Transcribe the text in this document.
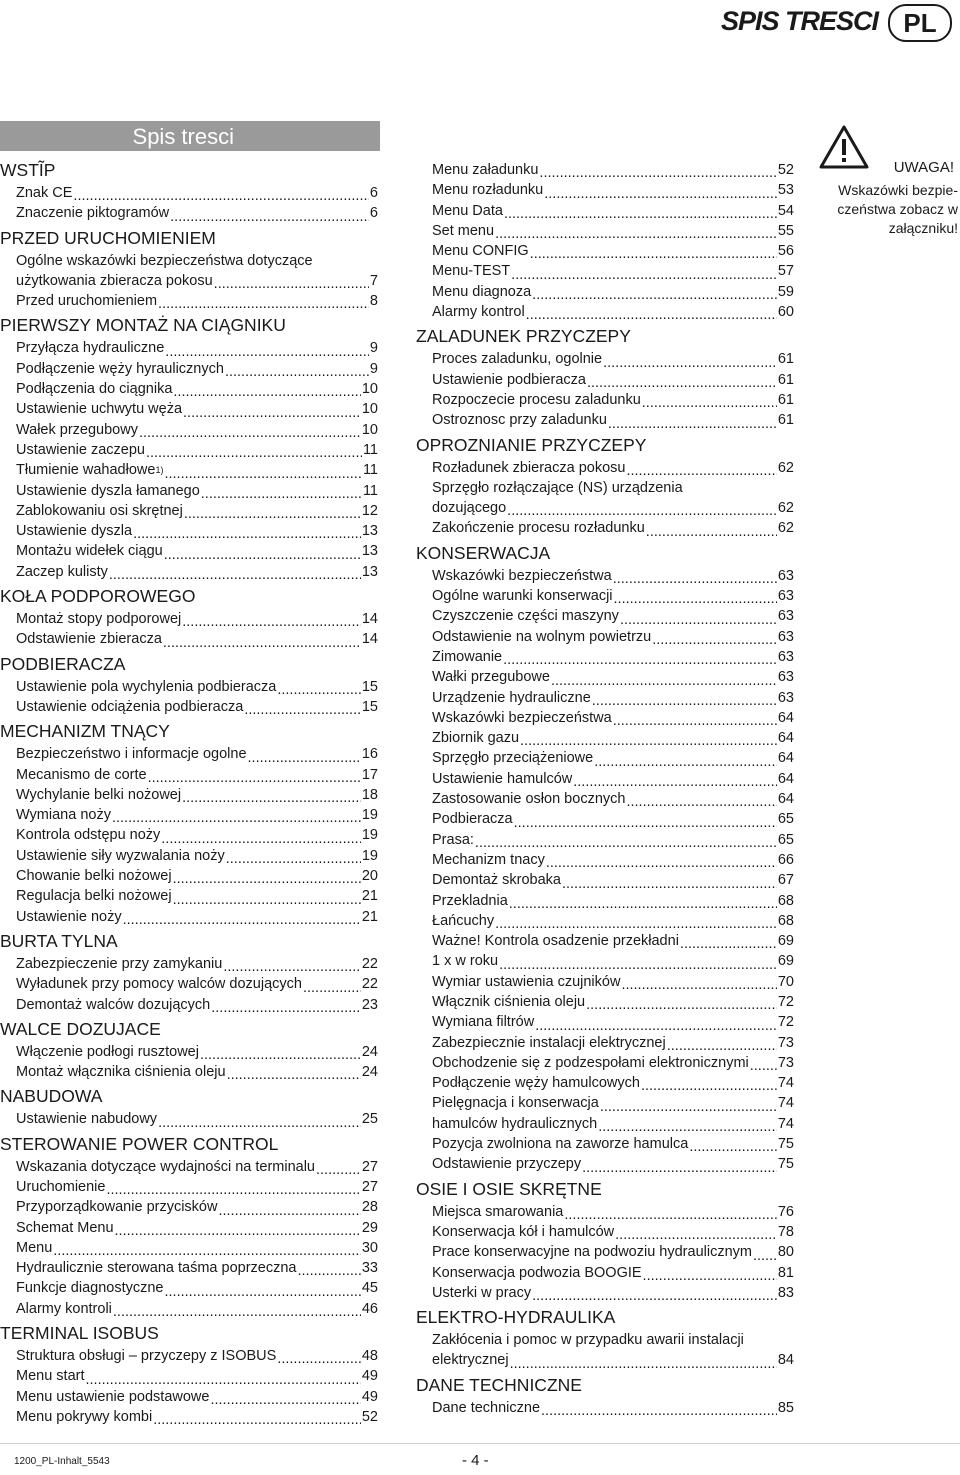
SPIS TRESCI PL
Spis tresci
WSTĨP
Znak CE .....	6
Znaczenie piktogramów .....	6
PRZED URUCHOMIENIEM
Ogólne wskazówki bezpieczeństwa dotyczące
użytkowania zbieracza pokosu .....	7
Przed uruchomieniem .....	8
PIERWSZY MONTAŻ NA CIĄGNIKU
Przyłącza hydrauliczne .....	9
Podłączenie węży hyraulicznych .....	9
Podłączenia do ciągnika .....	10
Ustawienie uchwytu węża .....	10
Wałek przegubowy .....	10
Ustawienie zaczepu .....	11
Tłumienie wahadłowe 1) .....	11
Ustawienie dyszla łamanego .....	11
Zablokowaniu osi skrętnej .....	12
Ustawienie dyszla .....	13
Montażu widełek ciągu .....	13
Zaczep kulisty .....	13
KOŁA PODPOROWEGO
Montaż stopy podporowej .....	14
Odstawienie zbieracza .....	14
PODBIERACZA
Ustawienie pola wychylenia podbieracza .....	15
Ustawienie odciążenia podbieracza .....	15
MECHANIZM TNĄCY
Bezpieczeństwo i informacje ogolne .....	16
Mecanismo de corte .....	17
Wychylanie belki nożowej .....	18
Wymiana noży .....	19
Kontrola odstępu noży .....	19
Ustawienie siły wyzwalania noży .....	19
Chowanie belki nożowej .....	20
Regulacja belki nożowej .....	21
Ustawienie noży .....	21
BURTA TYLNA
Zabezpieczenie przy zamykaniu .....	22
Wyładunek przy pomocy walców dozujących .....	22
Demontaż walców dozujących .....	23
WALCE DOZUJACE
Włączenie podłogi rusztowej .....	24
Montaż włącznika ciśnienia oleju .....	24
NABUDOWA
Ustawienie nabudowy .....	25
STEROWANIE POWER CONTROL
Wskazania dotyczące wydajności na terminalu .....	27
Uruchomienie .....	27
Przyporządkowanie przycisków .....	28
Schemat Menu .....	29
Menu .....	30
Hydraulicznie sterowana taśma poprzeczna .....	33
Funkcje diagnostyczne .....	45
Alarmy kontroli .....	46
TERMINAL ISOBUS
Struktura obsługi – przyczepy z ISOBUS .....	48
Menu start .....	49
Menu ustawienie podstawowe .....	49
Menu pokrywy kombi .....	52
Menu załadunku .....	52
Menu rozładunku .....	53
Menu Data .....	54
Set menu .....	55
Menu CONFIG .....	56
Menu-TEST .....	57
Menu diagnoza .....	59
Alarmy kontrol .....	60
ZALADUNEK PRZYCZEPY
Proces zaladunku, ogolnie .....	61
Ustawienie podbieracza .....	61
Rozpoczecie procesu zaladunku .....	61
Ostroznosc przy zaladunku .....	61
OPROZNIANIE PRZYCZEPY
Rozładunek zbieracza pokosu .....	62
Sprzęgło rozłączające (NS) urządzenia
dozującego .....	62
Zakończenie procesu rozładunku .....	62
KONSERWACJA
Wskazówki bezpieczeństwa .....	63
Ogólne warunki konserwacji .....	63
Czyszczenie części maszyny .....	63
Odstawienie na wolnym powietrzu .....	63
Zimowanie .....	63
Wałki przegubowe .....	63
Urządzenie hydrauliczne .....	63
Wskazówki bezpieczeństwa .....	64
Zbiornik gazu .....	64
Sprzęgło przeciążeniowe .....	64
Ustawienie hamulców .....	64
Zastosowanie osłon bocznych .....	64
Podbieracza .....	65
Prasa: .....	65
Mechanizm tnacy .....	66
Demontaż skrobaka .....	67
Przekladnia .....	68
Łańcuchy .....	68
Ważne! Kontrola osadzenie przekładni .....	69
1 x w roku .....	69
Wymiar ustawienia czujników .....	70
Włącznik ciśnienia oleju .....	72
Wymiana filtrów .....	72
Zabezpiecznie instalacji elektrycznej .....	73
Obchodzenie się z podzespołami elektronicznymi ..... 73
Podłączenie węży hamulcowych .....	74
Pielęgnacja i konserwacja .....	74
hamulców hydraulicznych .....	74
Pozycja zwolniona na zaworze hamulca .....	75
Odstawienie przyczepy .....	75
OSIE I OSIE SKRĘTNE
Miejsca smarowania .....	76
Konserwacja kół i hamulców .....	78
Prace konserwacyjne na podwoziu hydraulicznym ..... 80
Konserwacja podwozia BOOGIE .....	81
Usterki w pracy .....	83
ELEKTRO-HYDRAULIKA
Zakłócenia i pomoc w przypadku awarii instalacji
elektrycznej .....	84
DANE TECHNICZNE
Dane techniczne .....	85
UWAGA!
Wskazówki bezpie-czeństwa zobacz w załączniku!
1200_PL-Inhalt_5543	- 4 -
